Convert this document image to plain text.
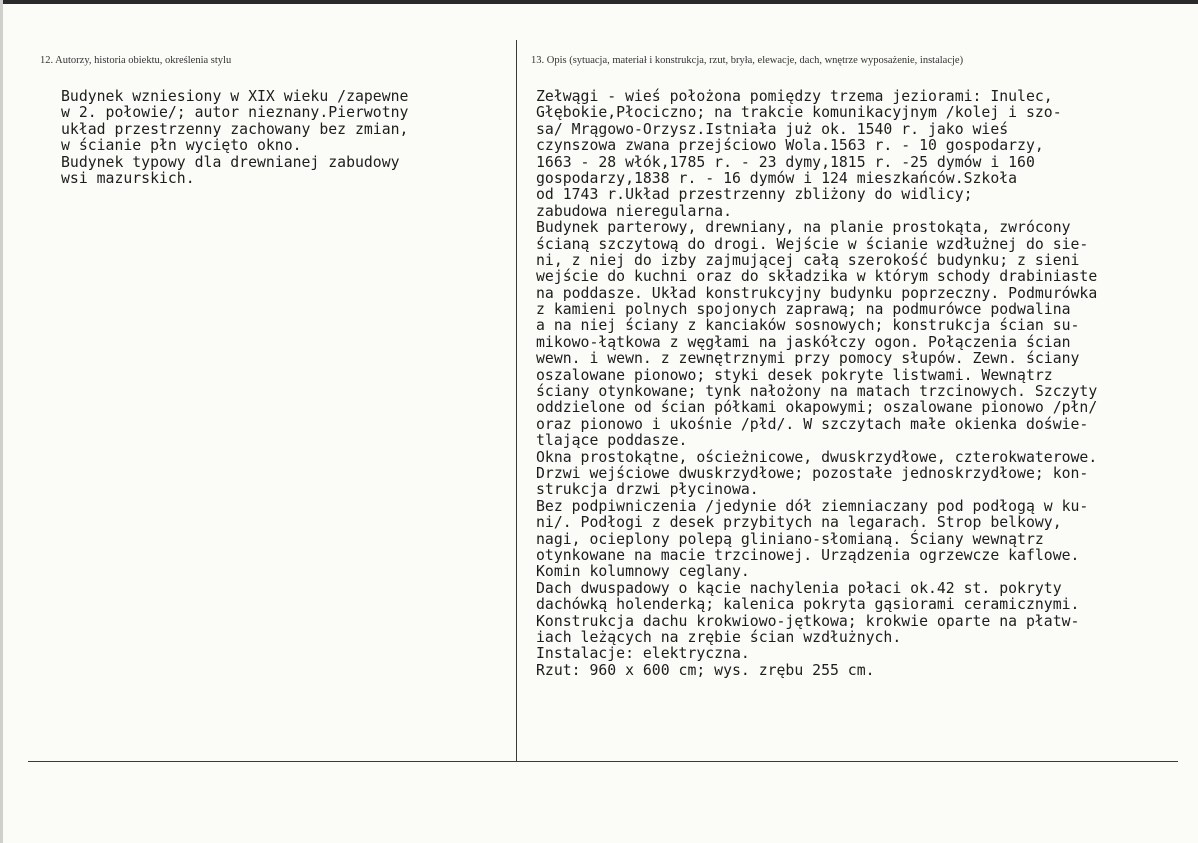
12. Autorzy, historia obiektu, określenia stylu	13. Opis (sytuacja, materiał i konstrukcja, rzut, bryła, elewacje, dach, wnętrze wyposażenie, instalacje)
Budynek wzniesiony w XIX wieku /zapewne
w 2. połowie/; autor nieznany.Pierwotny
układ przestrzenny zachowany bez zmian,
w ścianie płn wycięto okno.
Budynek typowy dla drewnianej zabudowy
wsi mazurskich.
Zełwągi - wieś położona pomiędzy trzema jeziorami: Inulec,
Głębokie,Płociczno; na trakcie komunikacyjnym /kolej i szo-
sa/ Mrągowo-Orzysz.Istniała już ok. 1540 r. jako wieś
czynszowa zwana przejściowo Wola.1563 r. - 10 gospodarzy,
1663 - 28 włók,1785 r. - 23 dymy,1815 r. -25 dymów i 160
gospodarzy,1838 r. - 16 dymów i 124 mieszkańców.Szkoła
od 1743 r.Układ przestrzenny zbliżony do widlicy;
zabudowa nieregularna.
Budynek parterowy, drewniany, na planie prostokąta, zwrócony
ścianą szczytową do drogi. Wejście w ścianie wzdłużnej do sie-
ni, z niej do izby zajmującej całą szerokość budynku; z sieni
wejście do kuchni oraz do składzika w którym schody drabiniaste
na poddasze. Układ konstrukcyjny budynku poprzeczny. Podmurówka
z kamieni polnych spojonych zaprawą; na podmurówce podwalina
a na niej ściany z kanciaków sosnowych; konstrukcja ścian su-
mikowo-łątkowa z węgłami na jaskółczy ogon. Połączenia ścian
wewn. i wewn. z zewnętrznymi przy pomocy słupów. Zewn. ściany
oszalowane pionowo; styki desek pokryte listwami. Wewnątrz
ściany otynkowane; tynk nałożony na matach trzcinowych. Szczyty
oddzielone od ścian półkami okapowymi; oszalowane pionowo /płn/
oraz pionowo i ukośnie /płd/. W szczytach małe okienka doświe-
tlające poddasze.
Okna prostokątne, ościeżnicowe, dwuskrzydłowe, czterokwaterowe.
Drzwi wejściowe dwuskrzydłowe; pozostałe jednoskrzydłowe; kon-
strukcja drzwi płycinowa.
Bez podpiwniczenia /jedynie dół ziemniaczany pod podłogą w ku-
ni/. Podłogi z desek przybitych na legarach. Strop belkowy,
nagi, ocieplony polepą gliniano-słomianą. Ściany wewnątrz
otynkowane na macie trzcinowej. Urządzenia ogrzewcze kaflowe.
Komin kolumnowy ceglany.
Dach dwuspadowy o kącie nachylenia połaci ok.42 st. pokryty
dachówką holenderką; kalenica pokryta gąsiorami ceramicznymi.
Konstrukcja dachu krokwiowo-jętkowa; krokwie oparte na płatw-
iach leżących na zrębie ścian wzdłużnych.
Instalacje: elektryczna.
Rzut: 960 x 600 cm; wys. zrębu 255 cm.
